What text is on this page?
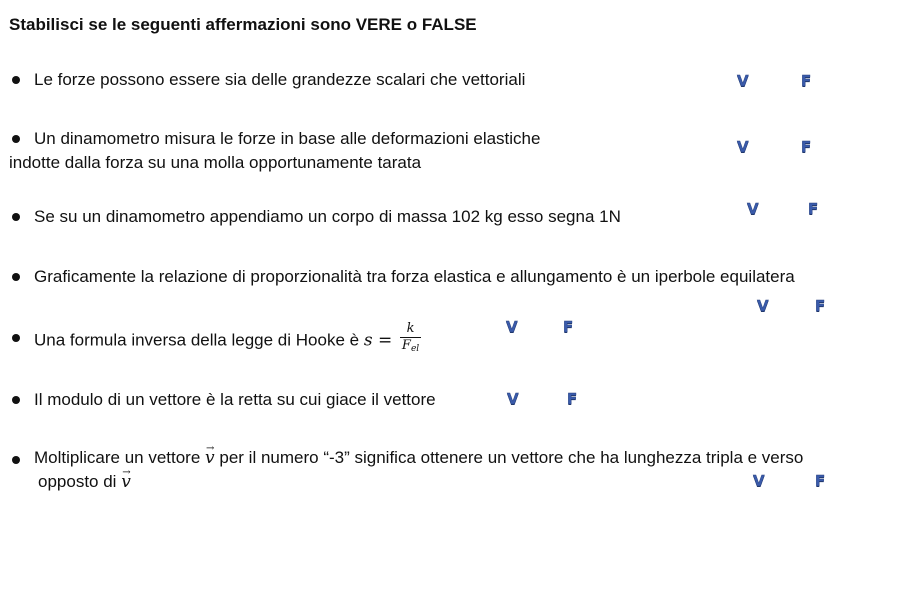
Stabilisci se le seguenti affermazioni sono VERE o FALSE
Le forze possono essere sia delle grandezze scalari che vettoriali	V	F
Un dinamometro misura le forze in base alle deformazioni elastiche
indotte dalla forza su una molla opportunamente tarata
V	F
Se su un dinamometro appendiamo un corpo di massa 102 kg esso segna 1N	V	F
Graficamente la relazione di proporzionalità tra forza elastica e allungamento è un iperbole equilatera
V	F
Una formula inversa della legge di Hooke è $s = \frac{k}{F_{el}}$	V	F
Il modulo di un vettore è la retta su cui giace il vettore	V	F
Moltiplicare un vettore → v per il numero “-3” significa ottenere un vettore che ha lunghezza tripla e verso
opposto di → v	V	F
